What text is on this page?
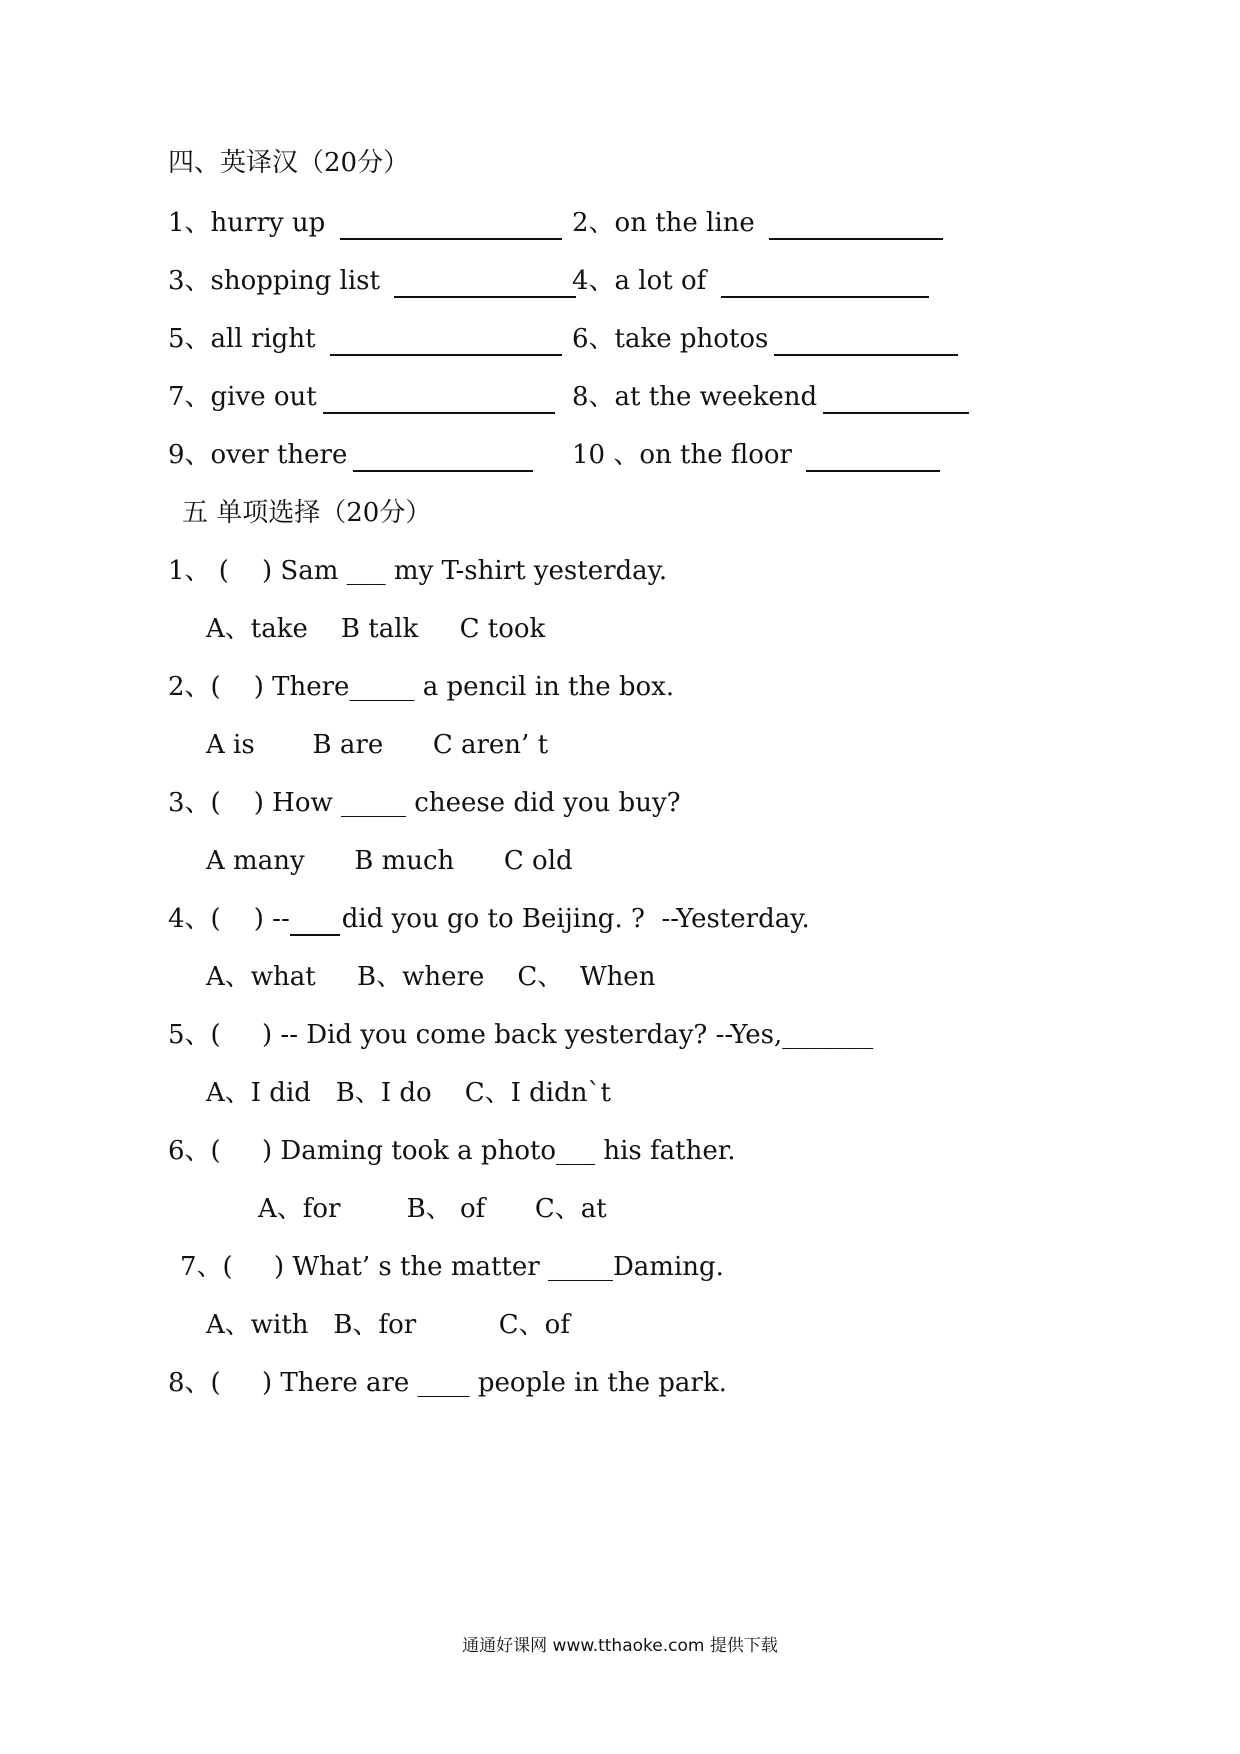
四、英译汉（20分）
1、hurry up	2、on the line
3、shopping list	4、a lot of
5、all right	6、take photos
7、give out	8、at the weekend
9、over there	10 、on the floor
五 单项选择（20分）
1、 (    ) Sam ___ my T-shirt yesterday.
A、take    B talk     C took
2、(    ) There_____ a pencil in the box.
A is       B are      C aren’ t
3、(    ) How _____ cheese did you buy?
A many      B much      C old
4、(    ) -- did you go to Beijing. ?  --Yesterday.
A、what     B、where    C、  When
5、(     ) -- Did you come back yesterday? --Yes,_______
A、I did   B、I do    C、I didn`t
6、(     ) Daming took a photo___ his father.
A、for        B、 of      C、at
7、(     ) What’ s the matter _____Daming.
A、with   B、for          C、of
8、(     ) There are ____ people in the park.
通通好课网 www.tthaoke.com 提供下载
